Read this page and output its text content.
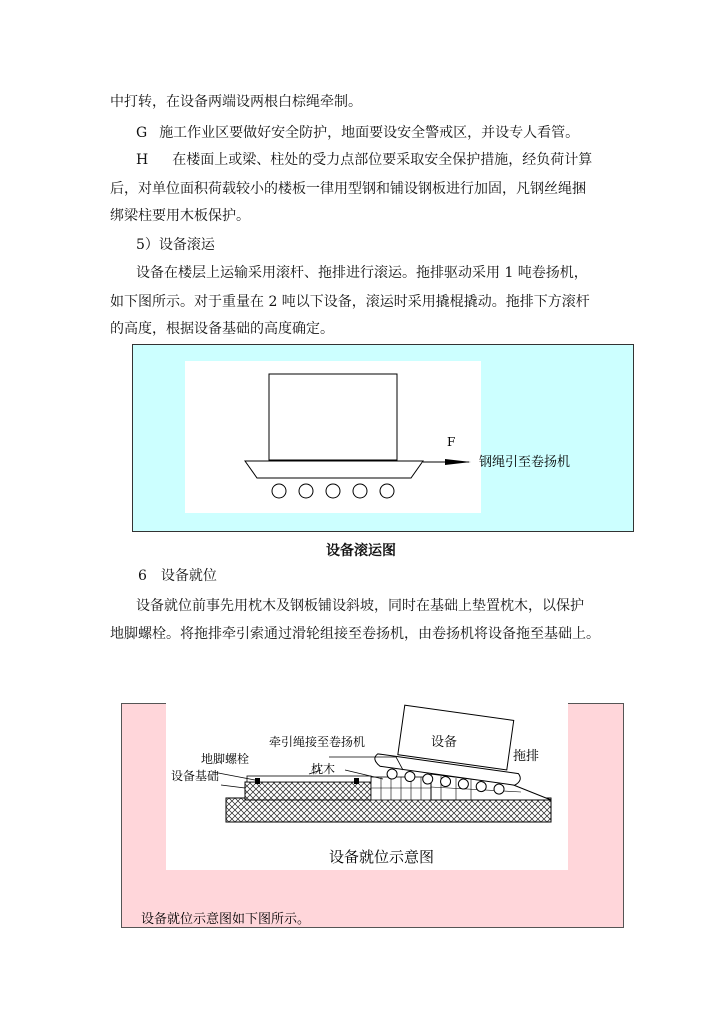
中打转，在设备两端设两根白棕绳牵制。
G 施工作业区要做好安全防护，地面要设安全警戒区，并设专人看管。
H 在楼面上或梁、柱处的受力点部位要采取安全保护措施，经负荷计算
后，对单位面积荷载较小的楼板一律用型钢和铺设钢板进行加固，凡钢丝绳捆
绑梁柱要用木板保护。
5）设备滚运
设备在楼层上运输采用滚杆、拖排进行滚运。拖排驱动采用 1 吨卷扬机，
如下图所示。对于重量在 2 吨以下设备，滚运时采用撬棍撬动。拖排下方滚杆
的高度，根据设备基础的高度确定。
F
钢绳引至卷扬机
设备滚运图
6　设备就位
设备就位前事先用枕木及钢板铺设斜坡，同时在基础上垫置枕木，以保护
地脚螺栓。将拖排牵引索通过滑轮组接至卷扬机，由卷扬机将设备拖至基础上。
牵引绳接至卷扬机
地脚螺栓
设备基础	枕木
设备
拖排
设备就位示意图
设备就位示意图如下图所示。
